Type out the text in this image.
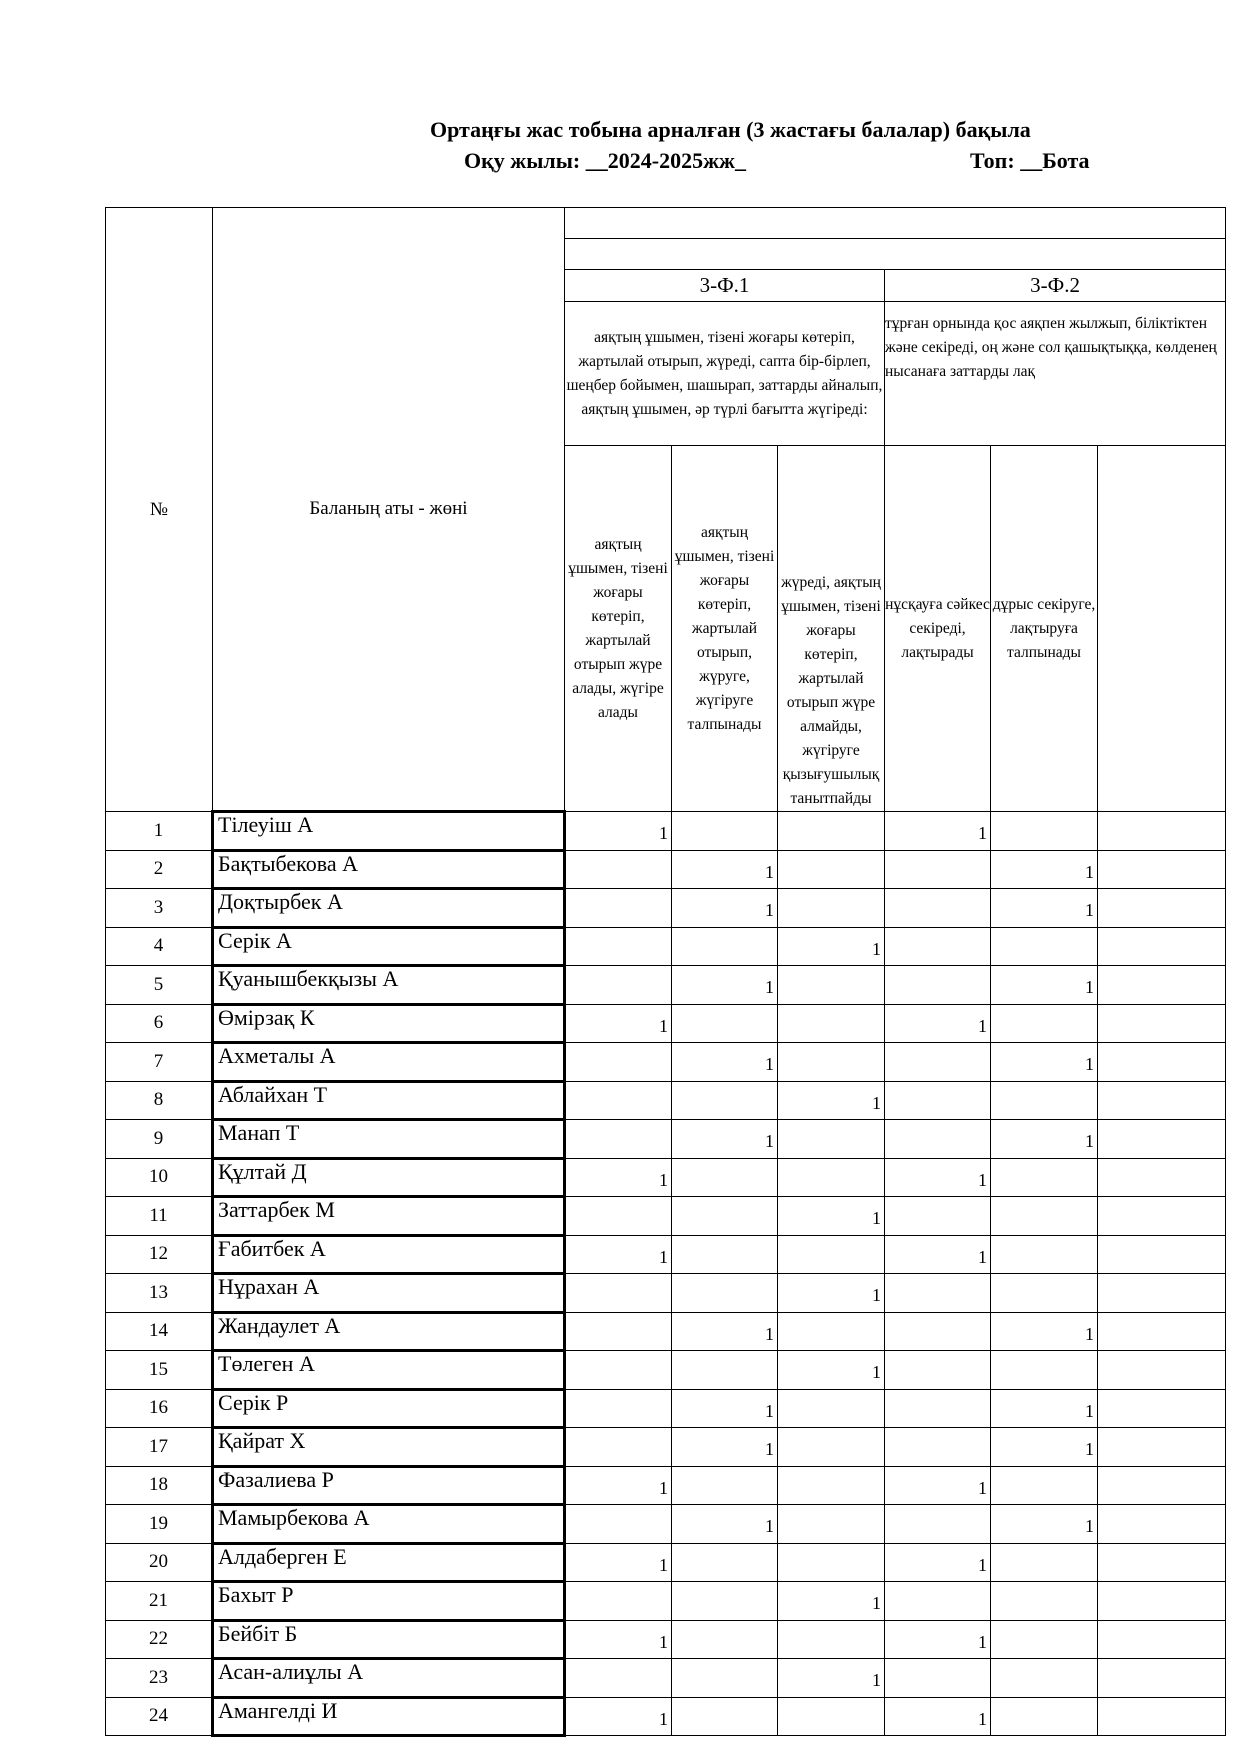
Ортаңғы жас тобына арналған (3 жастағы балалар) бақыла
Оқу жылы: __2024-2025жж_	Топ: __Бота
№	Баланың аты - жөні						

		3-Ф.1			3-Ф.2		
		аяқтың ұшымен, тізені жоғары көтеріп, жартылай отырып, жүреді, сапта бір-бірлеп, шеңбер бойымен, шашырап, заттарды айналып, аяқтың ұшымен, әр түрлі бағытта жүгіреді:			тұрған орнында қос аяқпен жылжып, біліктіктен және секіреді, оң және сол қашықтыққа, көлденең нысанаға заттарды лақ		
		аяқтың ұшымен, тізені жоғары көтеріп, жартылай отырып жүре алады, жүгіре алады	аяқтың ұшымен, тізені жоғары көтеріп, жартылай отырып, жүруге, жүгіруге талпынады	жүреді, аяқтың ұшымен, тізені жоғары көтеріп, жартылай отырып жүре алмайды, жүгіруге қызығушылық танытпайды	нұсқауға сәйкес секіреді, лақтырады	дұрыс секіруге, лақтыруға талпынады	
1	Тілеуіш А	1			1		
2	Бақтыбекова А		1			1	
3	Доқтырбек А		1			1	
4	Серік А			1			
5	Қуанышбекқызы А		1			1	
6	Өмірзақ К	1			1		
7	Ахметалы А		1			1	
8	Аблайхан Т			1			
9	Манап Т		1			1	
10	Құлтай Д	1			1		
11	Заттарбек М			1			
12	Ғабитбек А	1			1		
13	Нұрахан А			1			
14	Жандаулет А		1			1	
15	Төлеген А			1			
16	Серік Р		1			1	
17	Қайрат Х		1			1	
18	Фазалиева Р	1			1		
19	Мамырбекова А		1			1	
20	Алдаберген Е	1			1		
21	Бахыт Р			1			
22	Бейбіт Б	1			1		
23	Асан-алиұлы А			1			
24	Амангелді И	1			1		
